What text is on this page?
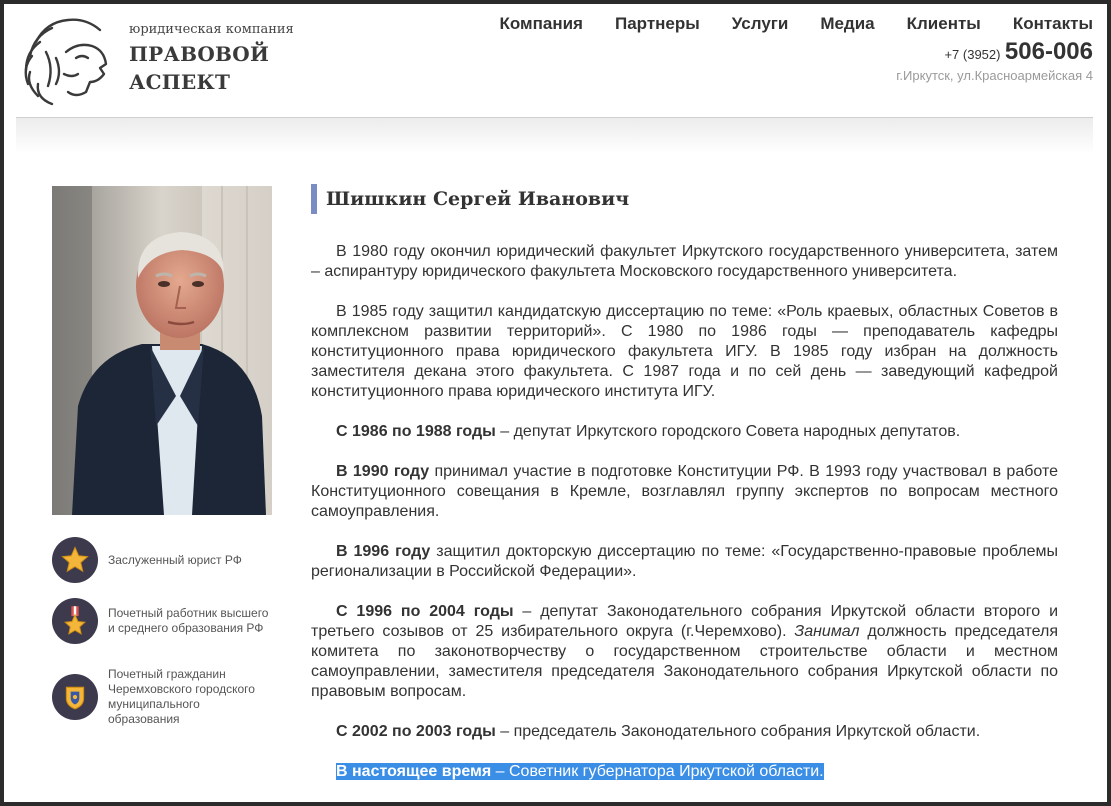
юридическая компания
ПРАВОВОЙ
АСПЕКТ
Компания Партнеры Услуги Медиа Клиенты Контакты
+7 (3952) 506-006
г.Иркутск, ул.Красноармейская 4
Заслуженный юрист РФ
Почетный работник высшего и среднего образования РФ
Почетный гражданин Черемховского городского муниципального образования
Шишкин Сергей Иванович

В 1980 году окончил юридический факультет Иркутского государственного университета, затем – аспирантуру юридического факультета Московского государственного университета.

В 1985 году защитил кандидатскую диссертацию по теме: «Роль краевых, областных Советов в комплексном развитии территорий». С 1980 по 1986 годы — преподаватель кафедры конституционного права юридического факультета ИГУ. В 1985 году избран на должность заместителя декана этого факультета. С 1987 года и по сей день — заведующий кафедрой конституционного права юридического института ИГУ.

С 1986 по 1988 годы – депутат Иркутского городского Совета народных депутатов.

В 1990 году принимал участие в подготовке Конституции РФ. В 1993 году участвовал в работе Конституционного совещания в Кремле, возглавлял группу экспертов по вопросам местного самоуправления.

В 1996 году защитил докторскую диссертацию по теме: «Государственно-правовые проблемы регионализации в Российской Федерации».

С 1996 по 2004 годы – депутат Законодательного собрания Иркутской области второго и третьего созывов от 25 избирательного округа (г.Черемхово). Занимал должность председателя комитета по законотворчеству о государственном строительстве области и местном самоуправлении, заместителя председателя Законодательного собрания Иркутской области по правовым вопросам.

С 2002 по 2003 годы – председатель Законодательного собрания Иркутской области.

В настоящее время – Советник губернатора Иркутской области.
